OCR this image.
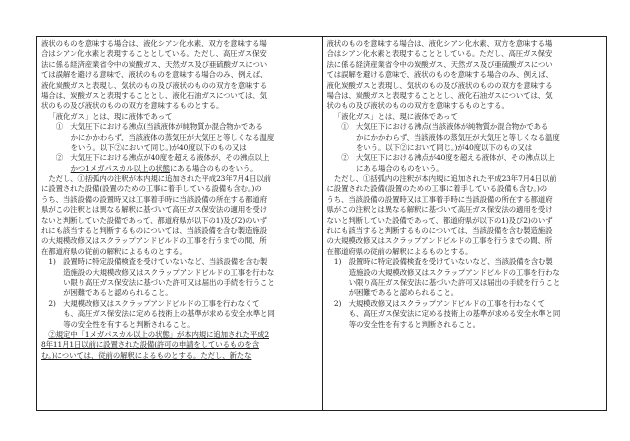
液状のものを意味する場合は、液化シアン化水素、双方を意味する場
合はシアン化水素と表現することとしている。ただし、高圧ガス保安
法に係る経済産業省令中の炭酸ガス、天然ガス及び亜硫酸ガスについ
ては誤解を避ける意味で、液状のものを意味する場合のみ、例えば、
液化炭酸ガスと表現し、気状のもの及び液状のものの双方を意味する
場合は、炭酸ガスと表現することとし、液化石油ガスについては、気
状のもの及び液状のものの双方を意味するものとする。
「液化ガス」とは、現に液体であって
①　大気圧下における沸点(当該液体が純物質か混合物かである
かにかかわらず、当該液体の蒸気圧が大気圧と等しくなる温度
をいう。以下②において同じ。)が40度以下のもの又は
②　大気圧下における沸点が40度を超える液体が、その沸点以上
かつ1メガパスカル以上の状態にある場合のものをいう。
ただし、①括弧内の注釈が本内規に追加された平成23年7月4日以前
に設置された設備(設置のための工事に着手している設備も含む。)の
うち、当該設備の設置時又は工事着手時に当該設備の所在する都道府
県がこの注釈とは異なる解釈に基づいて高圧ガス保安法の適用を受け
ないと判断していた設備であって、都道府県が以下の1)及び2)のいず
れにも該当すると判断するものについては、当該設備を含む製造施設
の大規模改修又はスクラップアンドビルドの工事を行うまでの間、所
在都道府県の従前の解釈によるものとする。
1)　設置時に特定設備検査を受けていないなど、当該設備を含む製
造施設の大規模改修又はスクラップアンドビルドの工事を行わな
い限り高圧ガス保安法に基づいた許可又は届出の手続を行うこと
が困難であると認められること。
2)　大規模改修又はスクラップアンドビルドの工事を行わなくて
も、高圧ガス保安法に定める技術上の基準が求める安全水準と同
等の安全性を有すると判断されること。
②規定中「1メガパスカル以上の状態」が本内規に追加された平成2
8年11月1日以前に設置された設備(許可の申請をしているものを含
む。)については、従前の解釈によるものとする。ただし、新たな
液状のものを意味する場合は、液化シアン化水素、双方を意味する場
合はシアン化水素と表現することとしている。ただし、高圧ガス保安
法に係る経済産業省令中の炭酸ガス、天然ガス及び亜硫酸ガスについ
ては誤解を避ける意味で、液状のものを意味する場合のみ、例えば、
液化炭酸ガスと表現し、気状のもの及び液状のものの双方を意味する
場合は、炭酸ガスと表現することとし、液化石油ガスについては、気
状のもの及び液状のものの双方を意味するものとする。
「液化ガス」とは、現に液体であって
①　大気圧下における沸点(当該液体が純物質か混合物かである
かにかかわらず、当該液体の蒸気圧が大気圧と等しくなる温度
をいう。以下②において同じ。)が40度以下のもの又は
②　大気圧下における沸点が40度を超える液体が、その沸点以上
にある場合のものをいう。
ただし、①括弧内の注釈が本内規に追加された平成23年7月4日以前
に設置された設備(設置のための工事に着手している設備も含む。)の
うち、当該設備の設置時又は工事着手時に当該設備の所在する都道府
県がこの注釈とは異なる解釈に基づいて高圧ガス保安法の適用を受け
ないと判断していた設備であって、都道府県が以下の1)及び2)のいず
れにも該当すると判断するものについては、当該設備を含む製造施設
の大規模改修又はスクラップアンドビルドの工事を行うまでの間、所
在都道府県の従前の解釈によるものとする。
1)　設置時に特定設備検査を受けていないなど、当該設備を含む製
造施設の大規模改修又はスクラップアンドビルドの工事を行わな
い限り高圧ガス保安法に基づいた許可又は届出の手続を行うこと
が困難であると認められること。
2)　大規模改修又はスクラップアンドビルドの工事を行わなくて
も、高圧ガス保安法に定める技術上の基準が求める安全水準と同
等の安全性を有すると判断されること。
